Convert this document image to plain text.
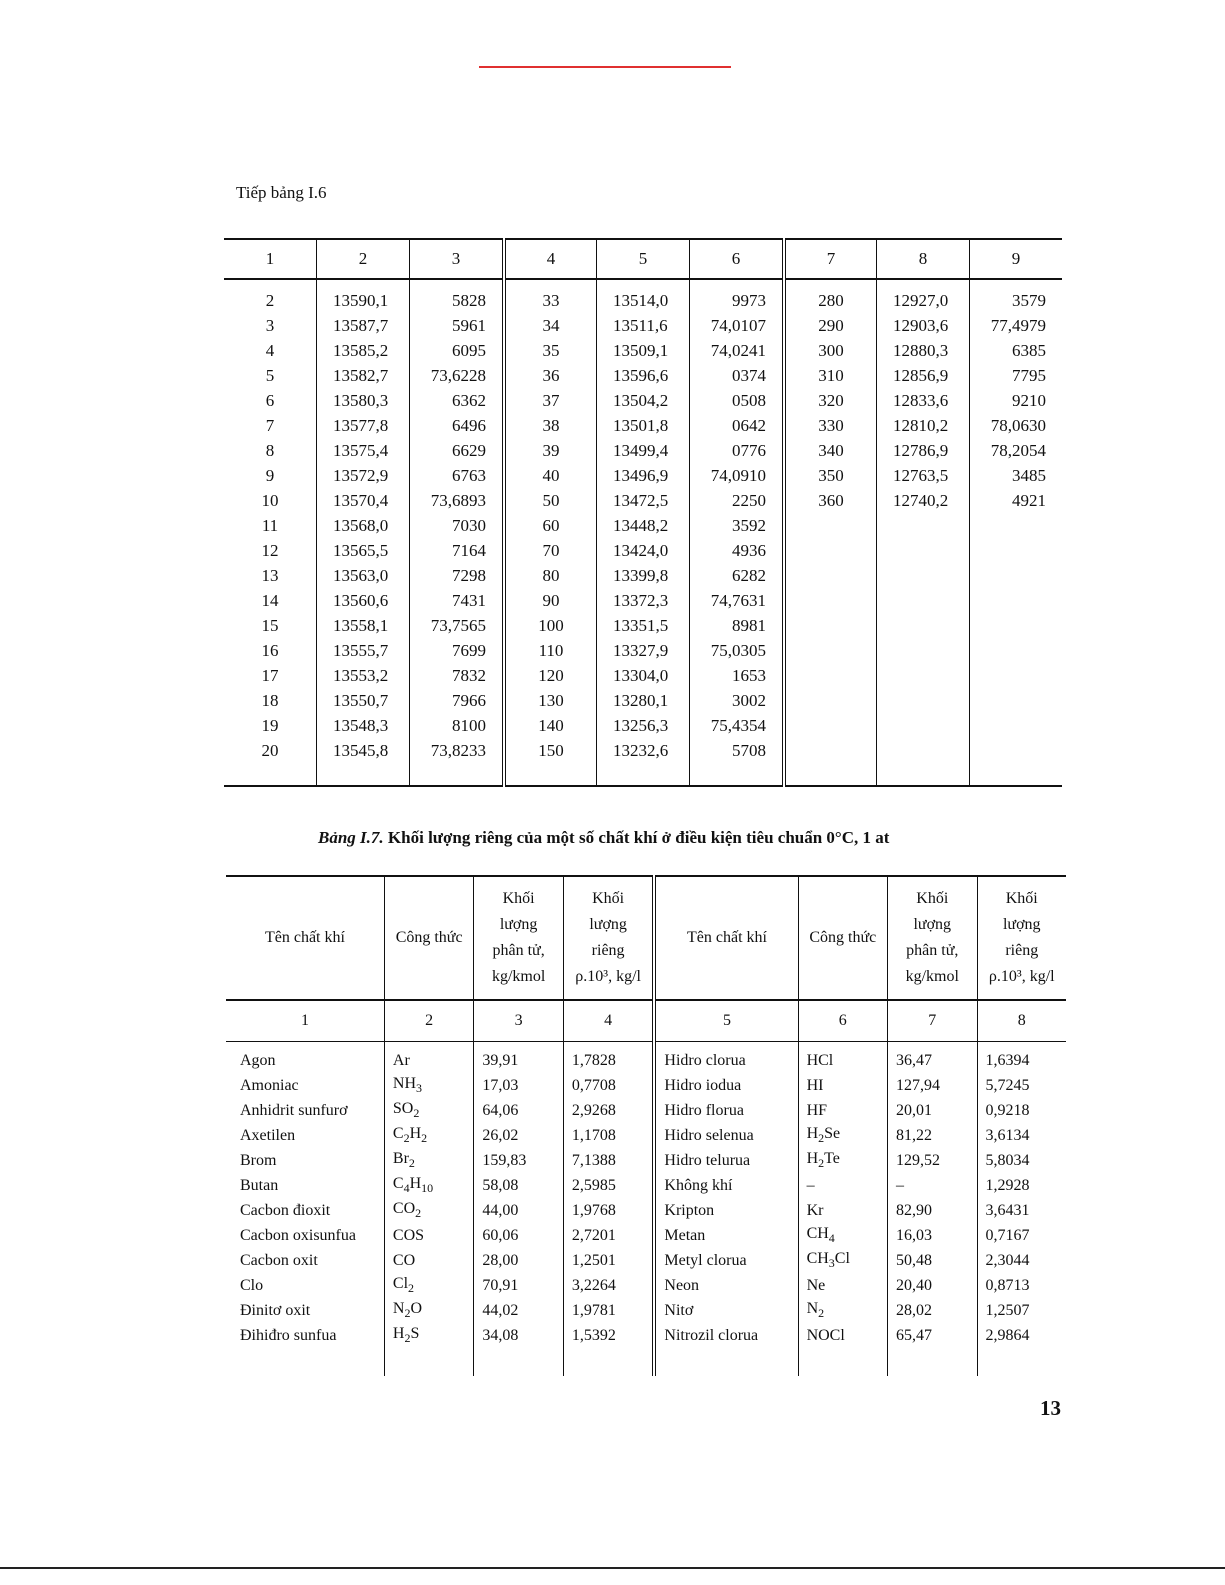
Tiếp bảng I.6
1	2	3	4	5	6	7	8	9
2	13590,1	5828	33	13514,0	9973	280	12927,0	3579
3	13587,7	5961	34	13511,6	74,0107	290	12903,6	77,4979
4	13585,2	6095	35	13509,1	74,0241	300	12880,3	6385
5	13582,7	73,6228	36	13596,6	0374	310	12856,9	7795
6	13580,3	6362	37	13504,2	0508	320	12833,6	9210
7	13577,8	6496	38	13501,8	0642	330	12810,2	78,0630
8	13575,4	6629	39	13499,4	0776	340	12786,9	78,2054
9	13572,9	6763	40	13496,9	74,0910	350	12763,5	3485
10	13570,4	73,6893	50	13472,5	2250	360	12740,2	4921
11	13568,0	7030	60	13448,2	3592			
12	13565,5	7164	70	13424,0	4936			
13	13563,0	7298	80	13399,8	6282			
14	13560,6	7431	90	13372,3	74,7631			
15	13558,1	73,7565	100	13351,5	8981			
16	13555,7	7699	110	13327,9	75,0305			
17	13553,2	7832	120	13304,0	1653			
18	13550,7	7966	130	13280,1	3002			
19	13548,3	8100	140	13256,3	75,4354			
20	13545,8	73,8233	150	13232,6	5708			

Bảng I.7. Khối lượng riêng của một số chất khí ở điều kiện tiêu chuẩn 0°C, 1 at
Tên chất khí	Công thức	Khối
lượng
phân tử,
kg/kmol	Khối
lượng
riêng
ρ.10³, kg/l	Tên chất khí	Công thức	Khối
lượng
phân tử,
kg/kmol	Khối
lượng
riêng
ρ.10³, kg/l
1	2	3	4	5	6	7	8
Agon	Ar	39,91	1,7828	Hidro clorua	HCl	36,47	1,6394
Amoniac	$NH_3$	17,03	0,7708	Hidro iodua	HI	127,94	5,7245
Anhidrit sunfurơ	$SO_2$	64,06	2,9268	Hidro florua	HF	20,01	0,9218
Axetilen	$C_2H_2$	26,02	1,1708	Hidro selenua	$H_2Se$	81,22	3,6134
Brom	$Br_2$	159,83	7,1388	Hidro telurua	$H_2Te$	129,52	5,8034
Butan	$C_4H_{10}$	58,08	2,5985	Không khí	–	–	1,2928
Cacbon đioxit	$CO_2$	44,00	1,9768	Kripton	Kr	82,90	3,6431
Cacbon oxisunfua	COS	60,06	2,7201	Metan	$CH_4$	16,03	0,7167
Cacbon oxit	CO	28,00	1,2501	Metyl clorua	$CH_3Cl$	50,48	2,3044
Clo	$Cl_2$	70,91	3,2264	Neon	Ne	20,40	0,8713
Đinitơ oxit	$N_2O$	44,02	1,9781	Nitơ	$N_2$	28,02	1,2507
Đihiđro sunfua	$H_2S$	34,08	1,5392	Nitrozil clorua	NOCl	65,47	2,9864

13
